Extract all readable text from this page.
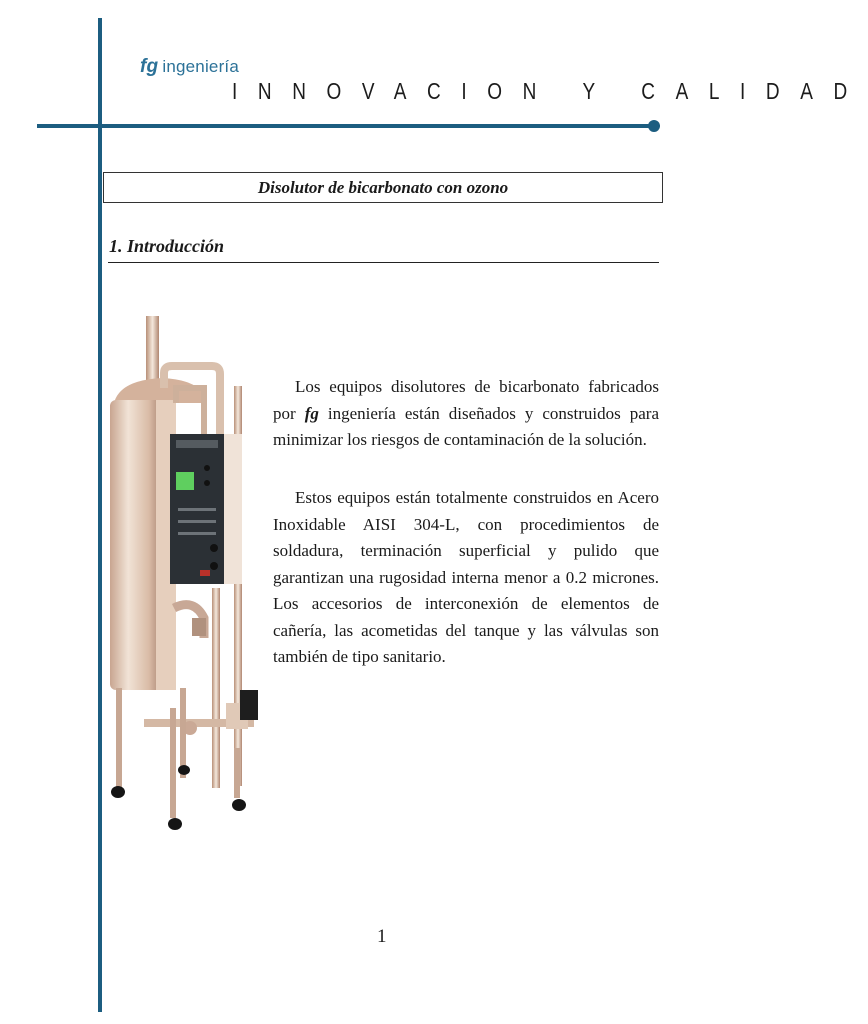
fg ingeniería
INNOVACION Y CALIDAD
Disolutor de bicarbonato con ozono
1. Introducción

Los equipos disolutores de bicarbonato fabricados por fg ingeniería están diseñados y construidos para minimizar los riesgos de contaminación de la solución.

Estos equipos están totalmente construidos en Acero Inoxidable AISI 304-L, con procedimientos de soldadura, terminación superficial y pulido que garantizan una rugosidad interna menor a 0.2 micrones. Los accesorios de interconexión de elementos de cañería, las acometidas del tanque y las válvulas son también de tipo sanitario.

1
